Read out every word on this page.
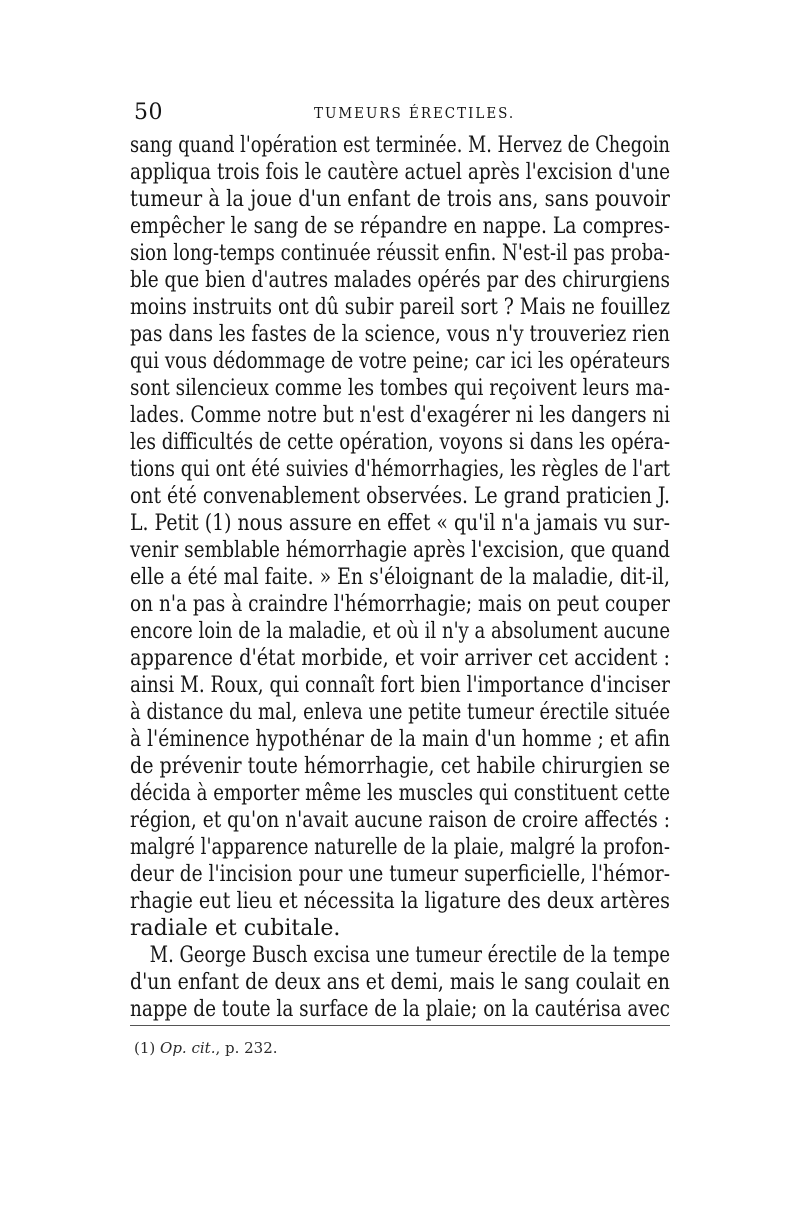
50	TUMEURS ÉRECTILES.
sang quand l'opération est terminée. M. Hervez de Chegoin
appliqua trois fois le cautère actuel après l'excision d'une
tumeur à la joue d'un enfant de trois ans, sans pouvoir
empêcher le sang de se répandre en nappe. La compres-
sion long-temps continuée réussit enfin. N'est-il pas proba-
ble que bien d'autres malades opérés par des chirurgiens
moins instruits ont dû subir pareil sort ? Mais ne fouillez
pas dans les fastes de la science, vous n'y trouveriez rien
qui vous dédommage de votre peine; car ici les opérateurs
sont silencieux comme les tombes qui reçoivent leurs ma-
lades. Comme notre but n'est d'exagérer ni les dangers ni
les difficultés de cette opération, voyons si dans les opéra-
tions qui ont été suivies d'hémorrhagies, les règles de l'art
ont été convenablement observées. Le grand praticien J.
L. Petit (1) nous assure en effet « qu'il n'a jamais vu sur-
venir semblable hémorrhagie après l'excision, que quand
elle a été mal faite. » En s'éloignant de la maladie, dit-il,
on n'a pas à craindre l'hémorrhagie; mais on peut couper
encore loin de la maladie, et où il n'y a absolument aucune
apparence d'état morbide, et voir arriver cet accident :
ainsi M. Roux, qui connaît fort bien l'importance d'inciser
à distance du mal, enleva une petite tumeur érectile située
à l'éminence hypothénar de la main d'un homme ; et afin
de prévenir toute hémorrhagie, cet habile chirurgien se
décida à emporter même les muscles qui constituent cette
région, et qu'on n'avait aucune raison de croire affectés :
malgré l'apparence naturelle de la plaie, malgré la profon-
deur de l'incision pour une tumeur superficielle, l'hémor-
rhagie eut lieu et nécessita la ligature des deux artères
radiale et cubitale.
M. George Busch excisa une tumeur érectile de la tempe
d'un enfant de deux ans et demi, mais le sang coulait en
nappe de toute la surface de la plaie; on la cautérisa avec
(1) Op. cit., p. 232.
